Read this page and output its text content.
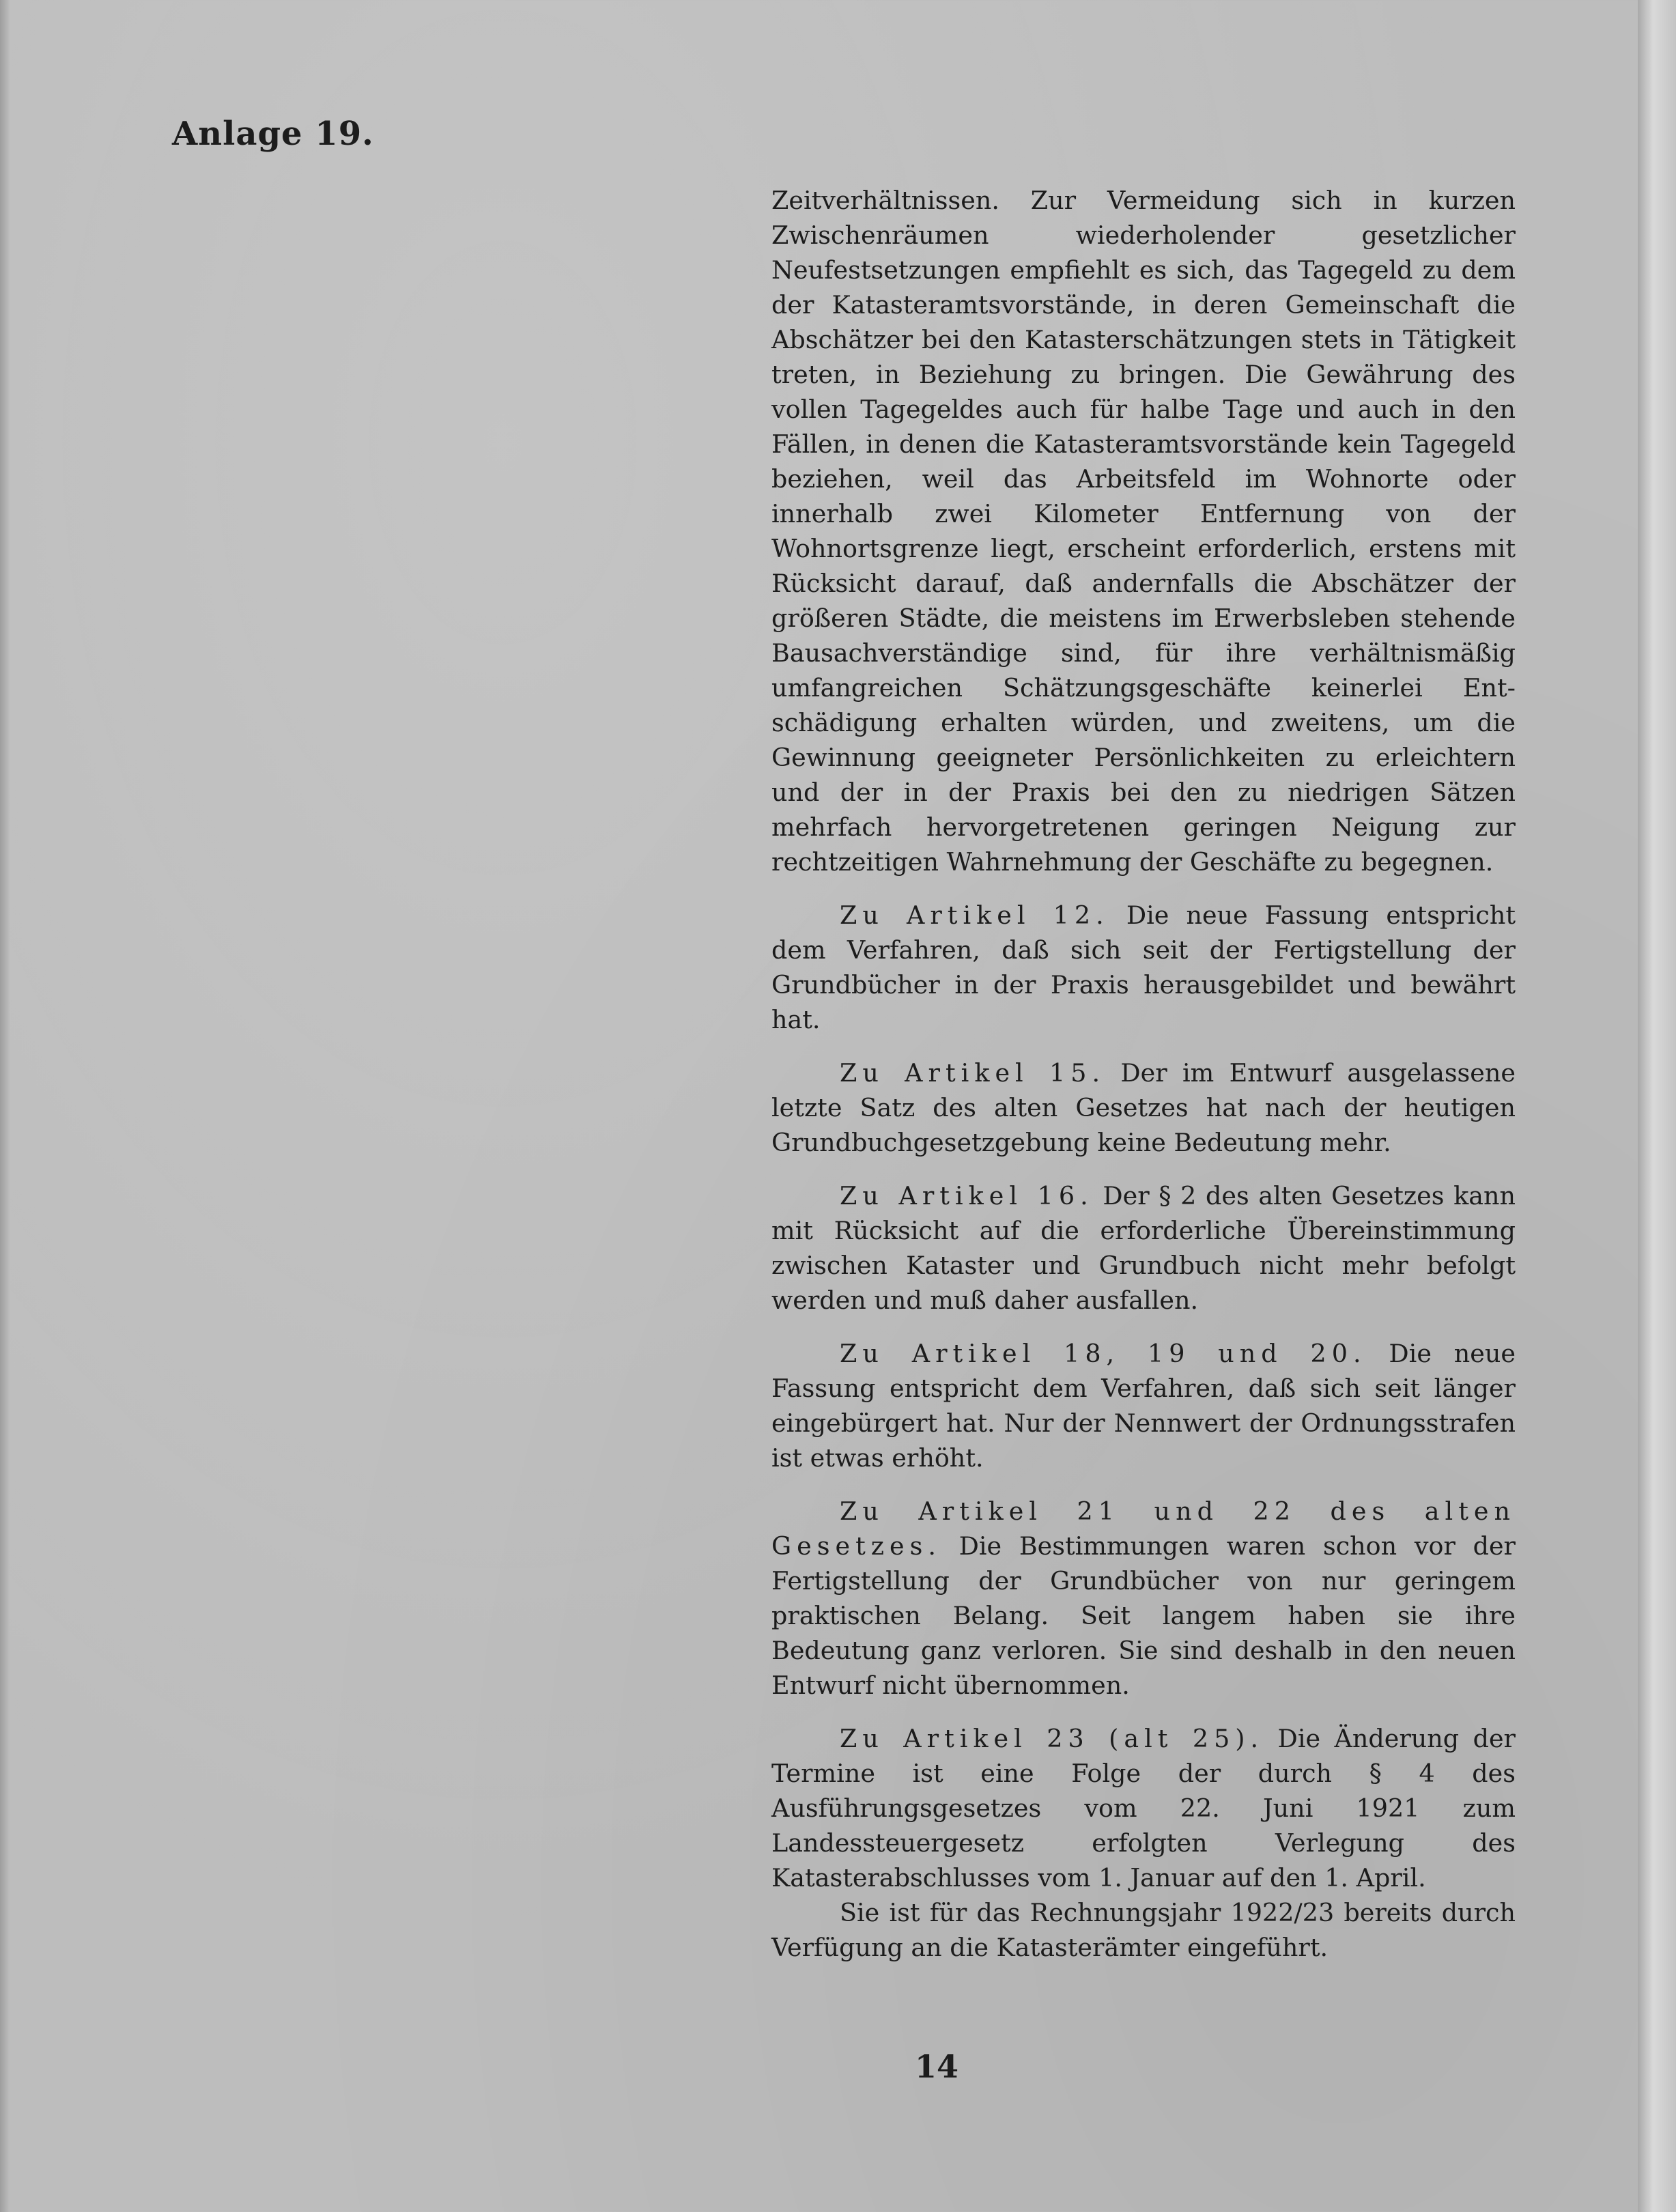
Anlage 19.

Zeitverhältnissen. Zur Vermeidung sich in kurzen Zwischenräumen wiederholender gesetzlicher Neufestsetzungen empfiehlt es sich, das Tagegeld zu dem der Katasteramtsvorstände, in deren Gemeinschaft die Abschätzer bei den Katasterschätzungen stets in Tätigkeit treten, in Beziehung zu bringen. Die Gewährung des vollen Tagegeldes auch für halbe Tage und auch in den Fällen, in denen die Katasteramtsvorstände kein Tagegeld beziehen, weil das Arbeitsfeld im Wohnorte oder innerhalb zwei Kilometer Entfernung von der Wohnortsgrenze liegt, erscheint erforderlich, erstens mit Rücksicht darauf, daß andernfalls die Abschätzer der größeren Städte, die meistens im Erwerbsleben stehende Bausachverständige sind, für ihre verhältnismäßig umfangreichen Schätzungsgeschäfte keinerlei Entschädigung erhalten würden, und zweitens, um die Gewinnung geeigneter Persönlichkeiten zu erleichtern und der in der Praxis bei den zu niedrigen Sätzen mehrfach hervorgetretenen geringen Neigung zur rechtzeitigen Wahrnehmung der Geschäfte zu begegnen.

Zu Artikel 12. Die neue Fassung entspricht dem Verfahren, daß sich seit der Fertigstellung der Grundbücher in der Praxis herausgebildet und bewährt hat.

Zu Artikel 15. Der im Entwurf ausgelassene letzte Satz des alten Gesetzes hat nach der heutigen Grundbuchgesetzgebung keine Bedeutung mehr.

Zu Artikel 16. Der § 2 des alten Gesetzes kann mit Rücksicht auf die erforderliche Übereinstimmung zwischen Kataster und Grundbuch nicht mehr befolgt werden und muß daher ausfallen.

Zu Artikel 18, 19 und 20. Die neue Fassung entspricht dem Verfahren, daß sich seit länger eingebürgert hat. Nur der Nennwert der Ordnungsstrafen ist etwas erhöht.

Zu Artikel 21 und 22 des alten Gesetzes. Die Bestimmungen waren schon vor der Fertigstellung der Grundbücher von nur geringem praktischen Belang. Seit langem haben sie ihre Bedeutung ganz verloren. Sie sind deshalb in den neuen Entwurf nicht übernommen.

Zu Artikel 23 (alt 25). Die Änderung der Termine ist eine Folge der durch § 4 des Ausführungsgesetzes vom 22. Juni 1921 zum Landessteuergesetz erfolgten Verlegung des Katasterabschlusses vom 1. Januar auf den 1. April.

Sie ist für das Rechnungsjahr 1922/23 bereits durch Verfügung an die Katasterämter eingeführt.

14
